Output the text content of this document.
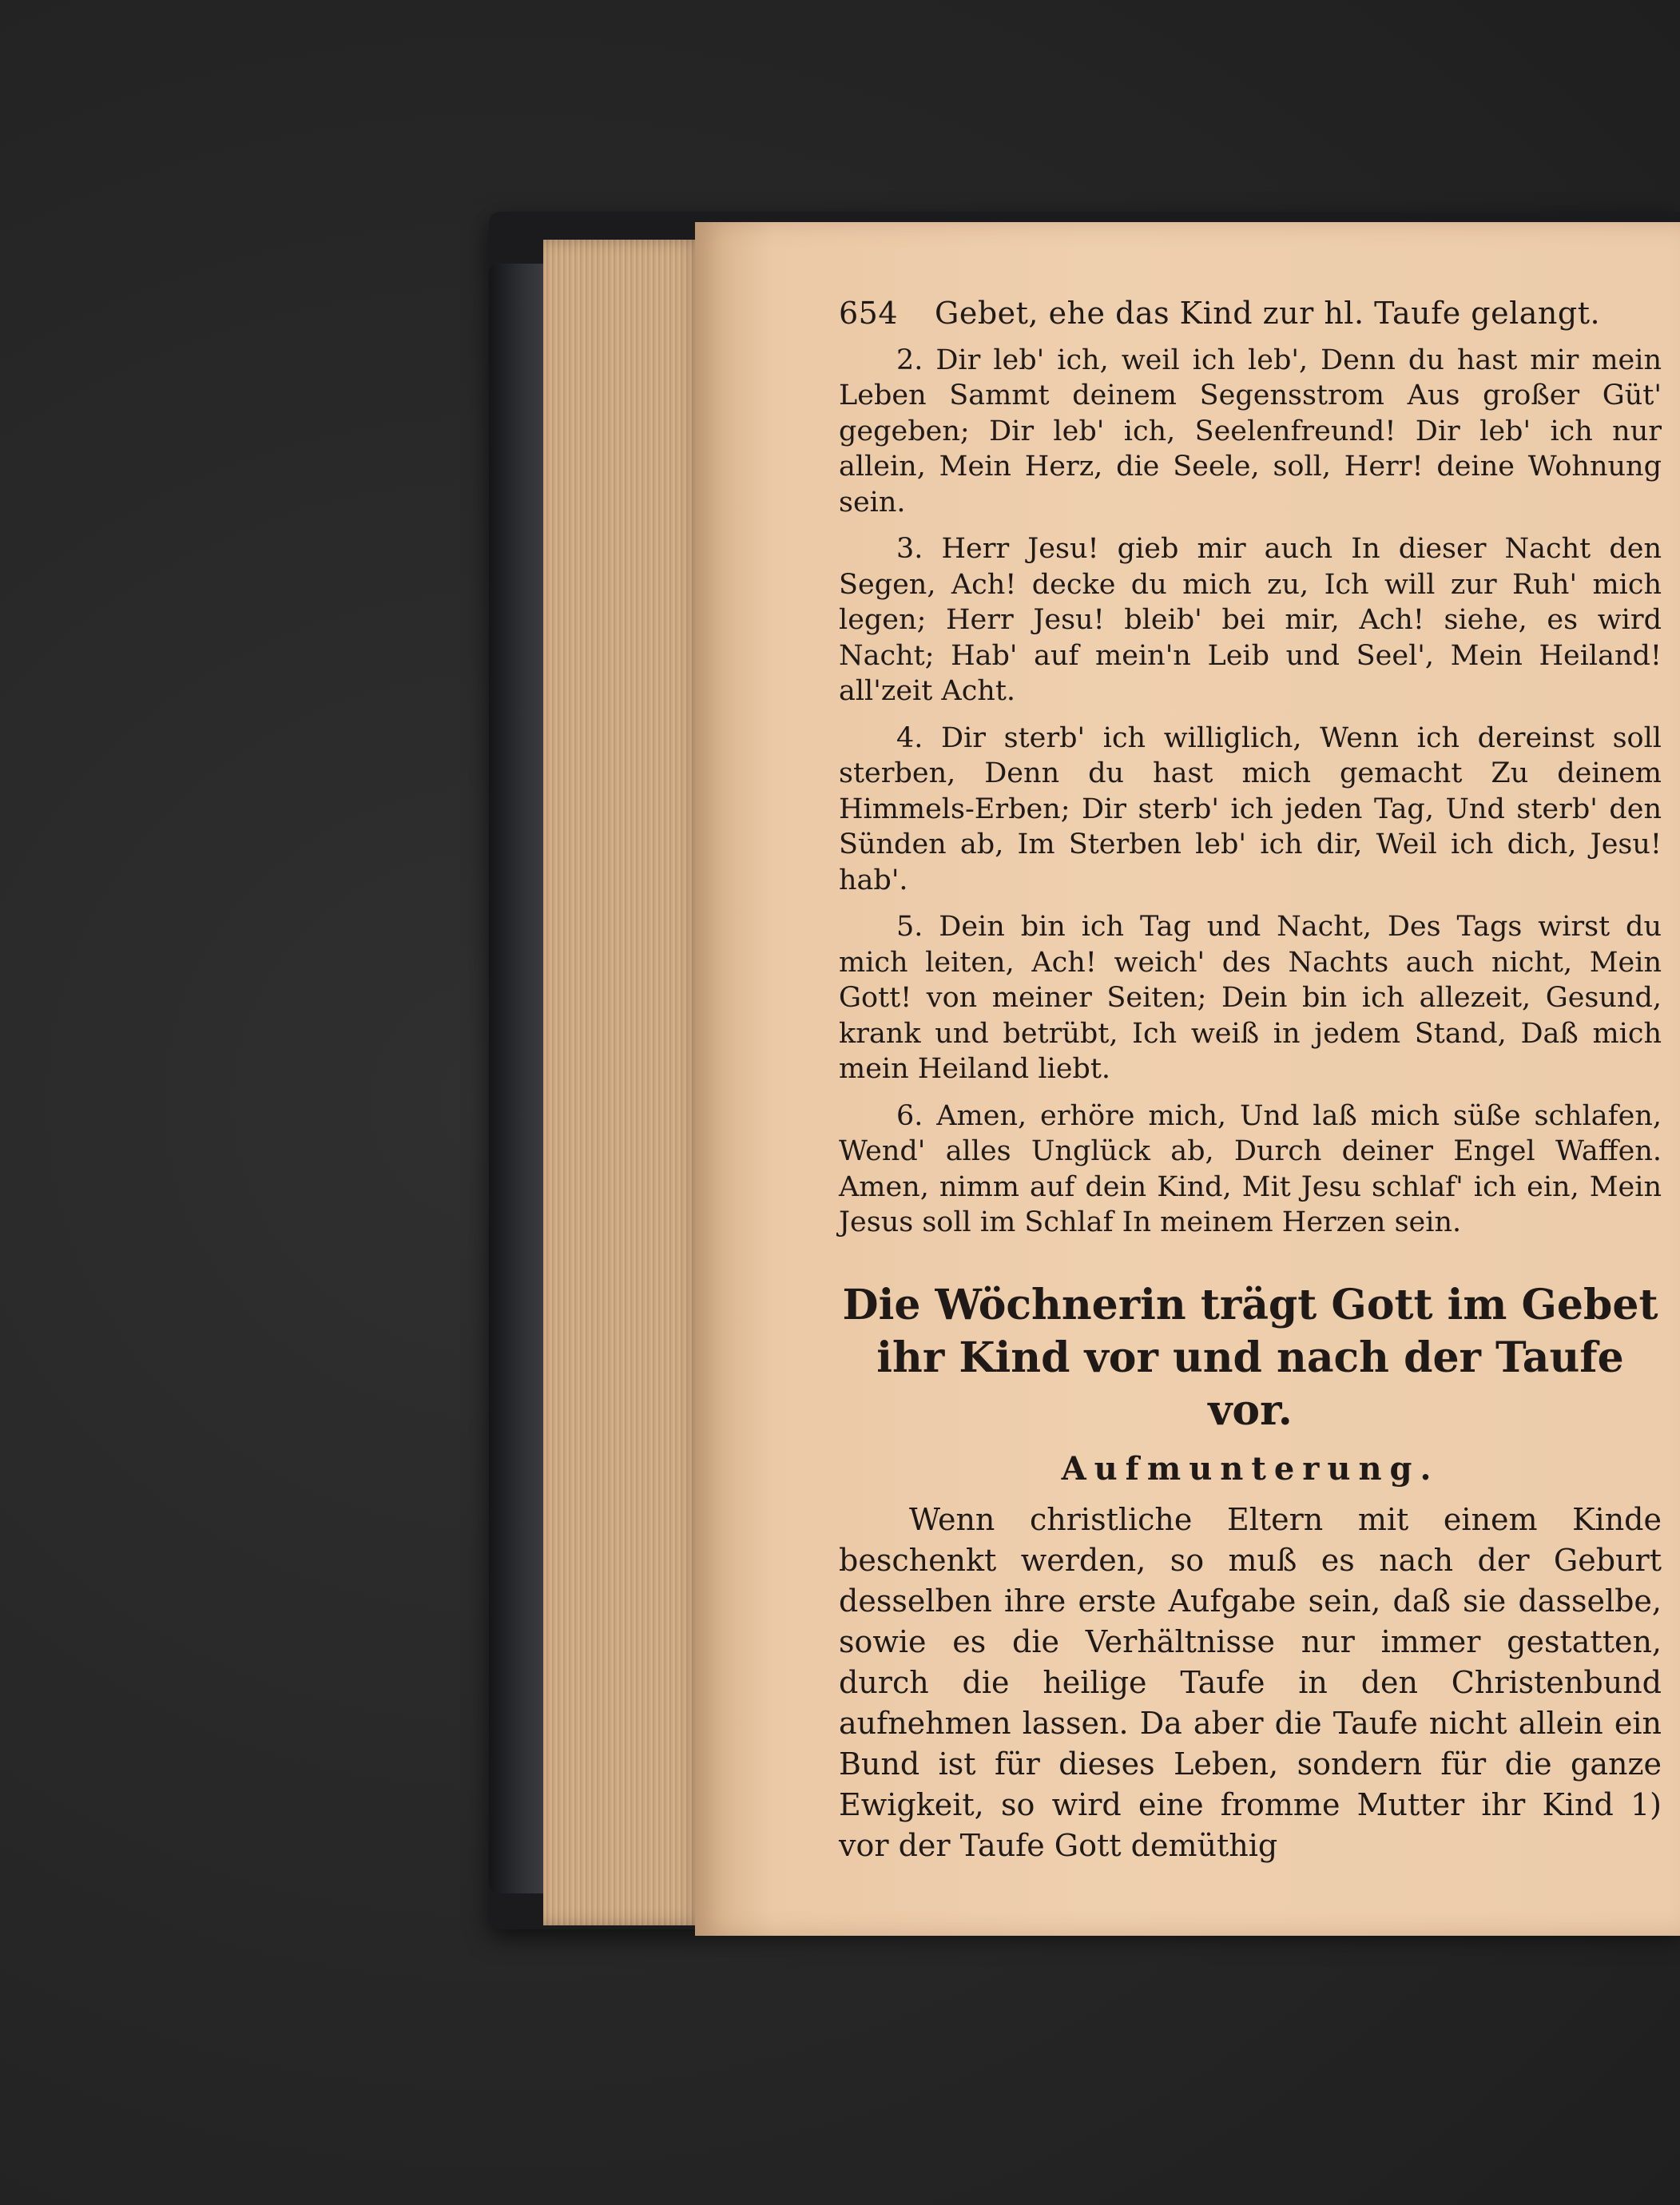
654 Gebet, ehe das Kind zur hl. Taufe gelangt.

2. Dir leb' ich, weil ich leb', Denn du hast mir mein Leben Sammt deinem Segensstrom Aus großer Güt' gegeben; Dir leb' ich, Seelenfreund! Dir leb' ich nur allein, Mein Herz, die Seele, soll, Herr! deine Wohnung sein.

3. Herr Jesu! gieb mir auch In dieser Nacht den Segen, Ach! decke du mich zu, Ich will zur Ruh' mich legen; Herr Jesu! bleib' bei mir, Ach! siehe, es wird Nacht; Hab' auf mein'n Leib und Seel', Mein Heiland! all'zeit Acht.

4. Dir sterb' ich williglich, Wenn ich dereinst soll sterben, Denn du hast mich gemacht Zu deinem Himmels-Erben; Dir sterb' ich jeden Tag, Und sterb' den Sünden ab, Im Sterben leb' ich dir, Weil ich dich, Jesu! hab'.

5. Dein bin ich Tag und Nacht, Des Tags wirst du mich leiten, Ach! weich' des Nachts auch nicht, Mein Gott! von meiner Seiten; Dein bin ich allezeit, Gesund, krank und betrübt, Ich weiß in jedem Stand, Daß mich mein Heiland liebt.

6. Amen, erhöre mich, Und laß mich süße schlafen, Wend' alles Unglück ab, Durch deiner Engel Waffen. Amen, nimm auf dein Kind, Mit Jesu schlaf' ich ein, Mein Jesus soll im Schlaf In meinem Herzen sein.

Die Wöchnerin trägt Gott im Gebet ihr Kind vor und nach der Taufe vor.
Aufmunterung.

Wenn christliche Eltern mit einem Kinde beschenkt werden, so muß es nach der Geburt desselben ihre erste Aufgabe sein, daß sie dasselbe, sowie es die Verhältnisse nur immer gestatten, durch die heilige Taufe in den Christenbund aufnehmen lassen. Da aber die Taufe nicht allein ein Bund ist für dieses Leben, sondern für die ganze Ewigkeit, so wird eine fromme Mutter ihr Kind 1) vor der Taufe Gott demüthig
